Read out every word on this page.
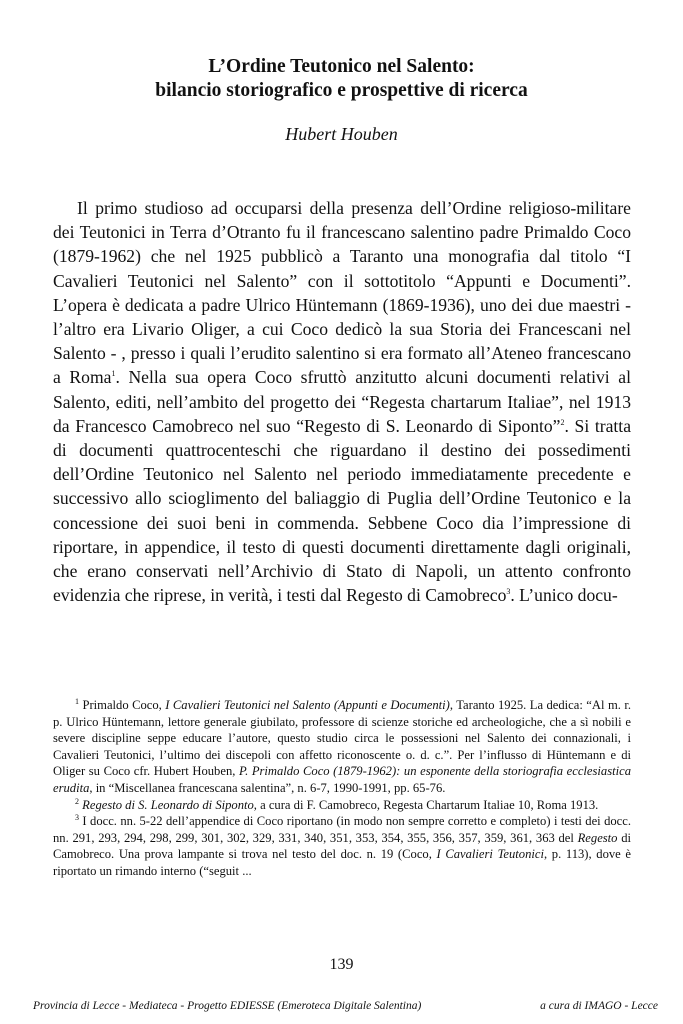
L’Ordine Teutonico nel Salento:
bilancio storiografico e prospettive di ricerca
Hubert Houben

Il primo studioso ad occuparsi della presenza dell’Ordine religioso-militare dei Teutonici in Terra d’Otranto fu il francescano salentino padre Primaldo Coco (1879-1962) che nel 1925 pubblicò a Taranto una monografia dal titolo “I Cavalieri Teutonici nel Salento” con il sottotitolo “Appunti e Documenti”. L’opera è dedicata a padre Ulrico Hüntemann (1869-1936), uno dei due maestri - l’altro era Livario Oliger, a cui Coco dedicò la sua Storia dei Francescani nel Salento - , presso i quali l’erudito salentino si era formato all’Ateneo francescano a Roma$^1$. Nella sua opera Coco sfruttò anzitutto alcuni documenti relativi al Salento, editi, nell’ambito del progetto dei “Regesta chartarum Italiae”, nel 1913 da Francesco Camobreco nel suo “Regesto di S. Leonardo di Siponto”$^2$. Si tratta di documenti quattrocenteschi che riguardano il destino dei possedimenti dell’Ordine Teutonico nel Salento nel periodo immediatamente precedente e successivo allo scioglimento del baliaggio di Puglia dell’Ordine Teutonico e la concessione dei suoi beni in commenda. Sebbene Coco dia l’impressione di riportare, in appendice, il testo di questi documenti direttamente dagli originali, che erano conservati nell’Archivio di Stato di Napoli, un attento confronto evidenzia che riprese, in verità, i testi dal Regesto di Camobreco$^3$. L’unico docu-

$^1$ Primaldo Coco, I Cavalieri Teutonici nel Salento (Appunti e Documenti), Taranto 1925. La dedica: “Al m. r. p. Ulrico Hüntemann, lettore generale giubilato, professore di scienze storiche ed archeologiche, che a sì nobili e severe discipline seppe educare l’autore, questo studio circa le possessioni nel Salento dei connazionali, i Cavalieri Teutonici, l’ultimo dei discepoli con affetto riconoscente o. d. c.”. Per l’influsso di Hüntemann e di Oliger su Coco cfr. Hubert Houben, P. Primaldo Coco (1879-1962): un esponente della storiografia ecclesiastica erudita, in “Miscellanea francescana salentina”, n. 6-7, 1990-1991, pp. 65-76.

$^2$ Regesto di S. Leonardo di Siponto, a cura di F. Camobreco, Regesta Chartarum Italiae 10, Roma 1913.

$^3$ I docc. nn. 5-22 dell’appendice di Coco riportano (in modo non sempre corretto e completo) i testi dei docc. nn. 291, 293, 294, 298, 299, 301, 302, 329, 331, 340, 351, 353, 354, 355, 356, 357, 359, 361, 363 del Regesto di Camobreco. Una prova lampante si trova nel testo del doc. n. 19 (Coco, I Cavalieri Teutonici, p. 113), dove è riportato un rimando interno (“seguit ...

139
Provincia di Lecce - Mediateca - Progetto EDIESSE (Emeroteca Digitale Salentina)	a cura di IMAGO - Lecce
